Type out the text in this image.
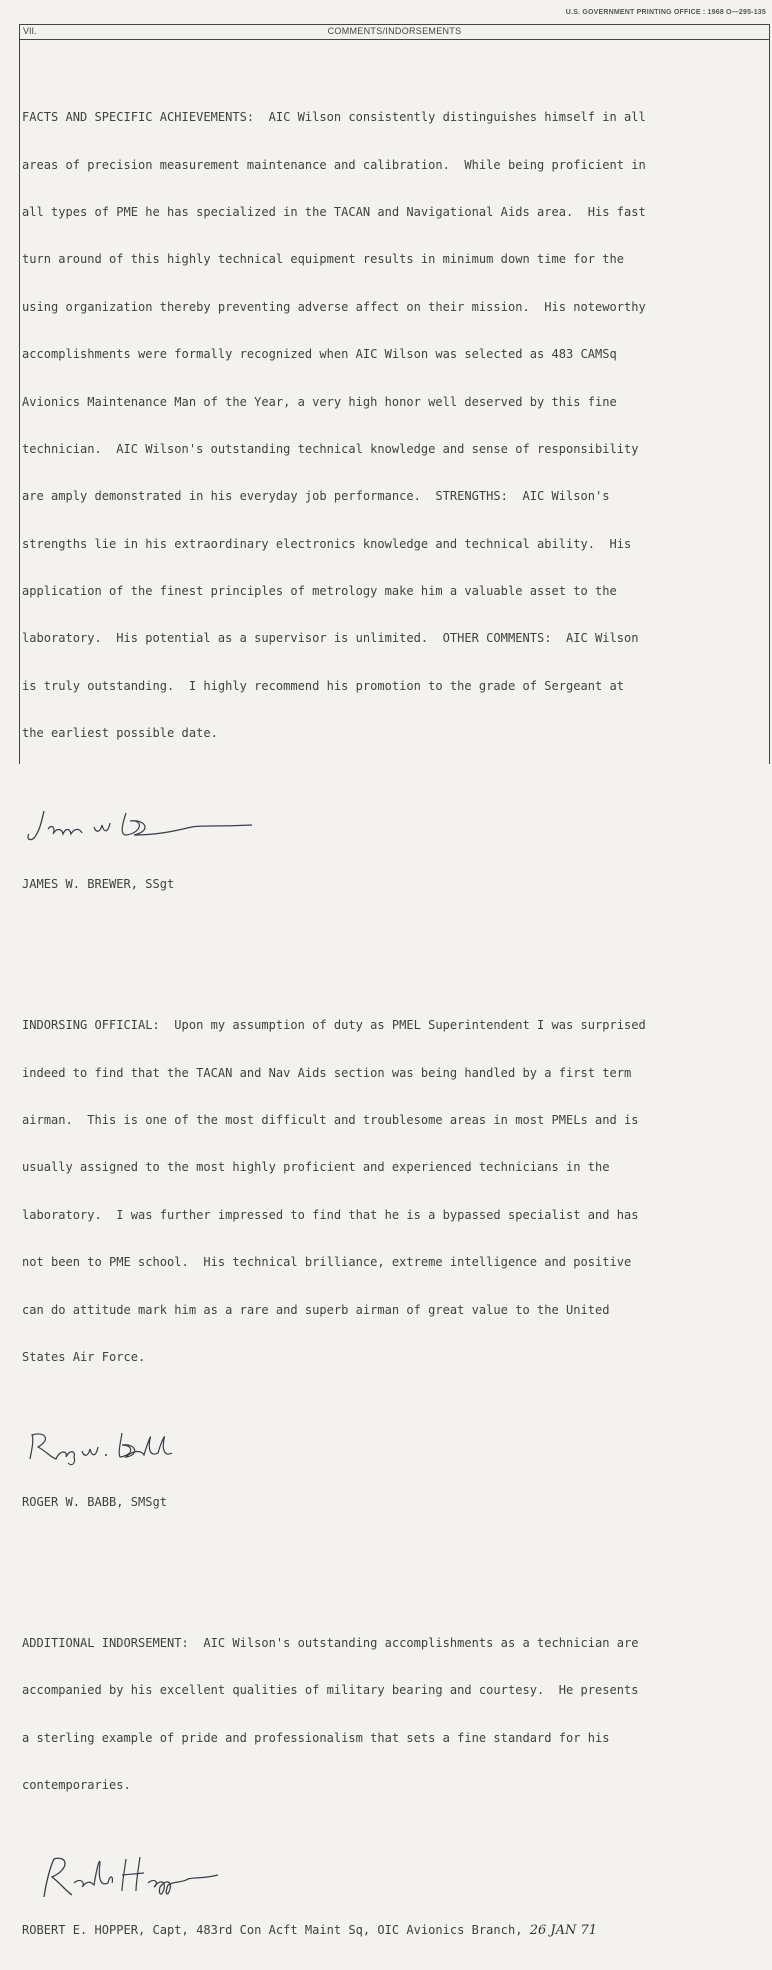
U.S. GOVERNMENT PRINTING OFFICE : 1968 O—295-135
VII.	COMMENTS/INDORSEMENTS

FACTS AND SPECIFIC ACHIEVEMENTS:  AIC Wilson consistently distinguishes himself in all

areas of precision measurement maintenance and calibration.  While being proficient in

all types of PME he has specialized in the TACAN and Navigational Aids area.  His fast

turn around of this highly technical equipment results in minimum down time for the

using organization thereby preventing adverse affect on their mission.  His noteworthy

accomplishments were formally recognized when AIC Wilson was selected as 483 CAMSq

Avionics Maintenance Man of the Year, a very high honor well deserved by this fine

technician.  AIC Wilson's outstanding technical knowledge and sense of responsibility

are amply demonstrated in his everyday job performance.  STRENGTHS:  AIC Wilson's

strengths lie in his extraordinary electronics knowledge and technical ability.  His

application of the finest principles of metrology make him a valuable asset to the

laboratory.  His potential as a supervisor is unlimited.  OTHER COMMENTS:  AIC Wilson

is truly outstanding.  I highly recommend his promotion to the grade of Sergeant at

the earliest possible date.

JAMES W. BREWER, SSgt

INDORSING OFFICIAL:  Upon my assumption of duty as PMEL Superintendent I was surprised

indeed to find that the TACAN and Nav Aids section was being handled by a first term

airman.  This is one of the most difficult and troublesome areas in most PMELs and is

usually assigned to the most highly proficient and experienced technicians in the

laboratory.  I was further impressed to find that he is a bypassed specialist and has

not been to PME school.  His technical brilliance, extreme intelligence and positive

can do attitude mark him as a rare and superb airman of great value to the United

States Air Force.

ROGER W. BABB, SMSgt

ADDITIONAL INDORSEMENT:  AIC Wilson's outstanding accomplishments as a technician are

accompanied by his excellent qualities of military bearing and courtesy.  He presents

a sterling example of pride and professionalism that sets a fine standard for his

contemporaries.

ROBERT E. HOPPER, Capt, 483rd Con Acft Maint Sq, OIC Avionics Branch, 26 JAN 71
